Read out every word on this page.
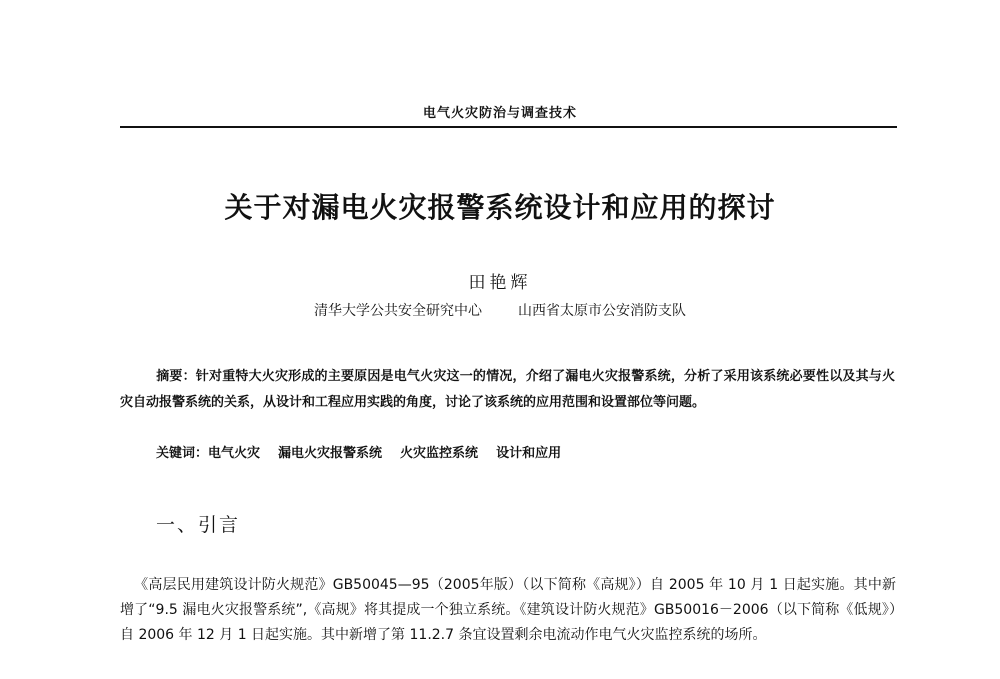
电气火灾防治与调查技术
关于对漏电火灾报警系统设计和应用的探讨
田艳辉
清华大学公共安全研究中心	山西省太原市公安消防支队
摘要：针对重特大火灾形成的主要原因是电气火灾这一的情况，介绍了漏电火灾报警系统，分析了采用该系统必要性以及其与火灾自动报警系统的关系，从设计和工程应用实践的角度，讨论了该系统的应用范围和设置部位等问题。
关键词：电气火灾 漏电火灾报警系统 火灾监控系统 设计和应用
一、引言
《高层民用建筑设计防火规范》GB50045—95（2005年版）（以下简称《高规》）自 2005 年 10 月 1 日起实施。其中新增了“9.5 漏电火灾报警系统”,《高规》将其提成一个独立系统。《建筑设计防火规范》GB50016－2006（以下简称《低规》）自 2006 年 12 月 1 日起实施。其中新增了第 11.2.7 条宜设置剩余电流动作电气火灾监控系统的场所。
